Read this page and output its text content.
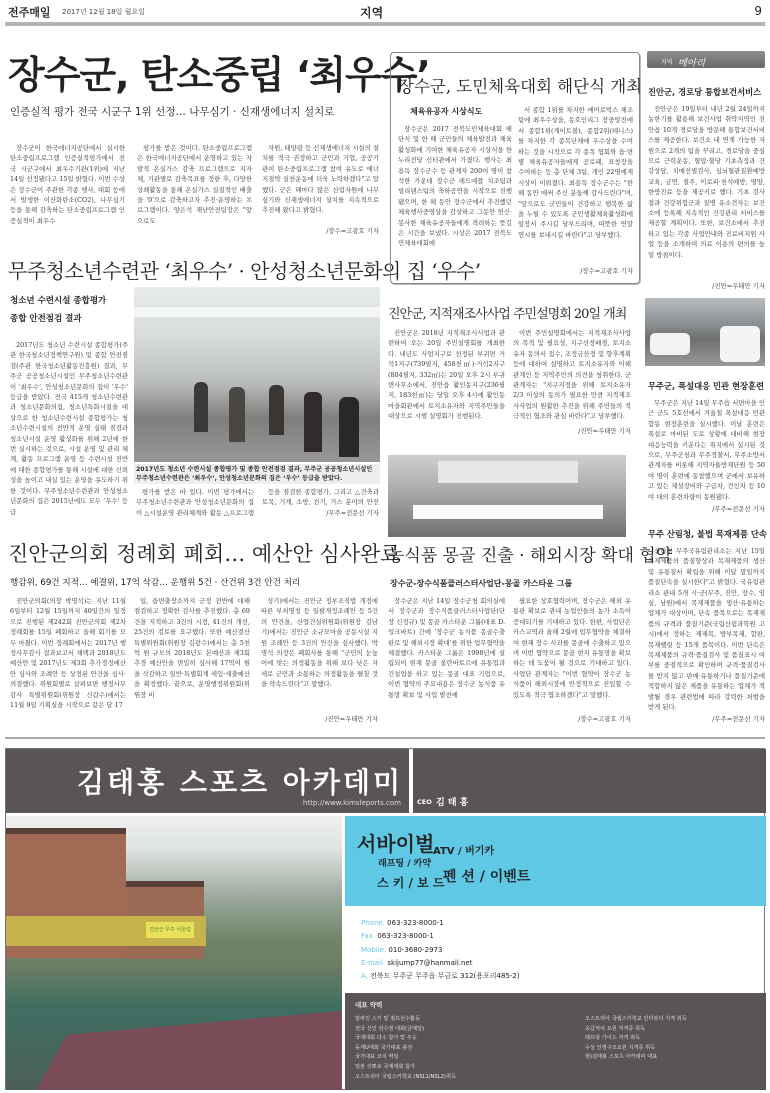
전주매일 2017년 12월 18일 월요일	지역	9
장수군, 탄소중립 ‘최우수’
인증실적 평가 전국 시군구 1위 선정… 나무심기 · 신재생에너지 설치로

장수군이 한국에너지공단에서 실시한 탄소중립프로그램 인증실적평가에서 전국 시군구에서 최우수기관(1위)에 지난 14일 선정됐다고 15일 밝혔다. 이번 수상은 장수군이 주관한 각종 행사, 대회 등에서 발생한 이산화탄소(CO2), 나무심기 등을 통해 감축하는 탄소중립프로그램 인증실적이 최우수

평가를 받은 것이다. 탄소중립프로그램은 한국에너지공단에서 운영하고 있는 자발적 온실가스 감축 프로그램으로 지자체, 기관별로 감축목표를 정한 후, 다양한 상쇄활동을 통해 온실가스 실질적인 배출을 '0'으로 감축하고자 추진·운영하는 프로그램이다. 양은석 재난안전팀장은 "앞으로도

자원, 태양광 등 신재생에너지 시설의 설치를 적극 권장하고 군민과 기업, 공공기관이 탄소중립프로그램 참여 유도로 에너지절약 실천운동에 더욱 노력하겠다"고 말했다. 군은 해마다 많은 산림자원에 나무심기와 신재생에너지 설치를 지속적으로 추진해 왔다고 밝혔다.

/장수=고광호 기자
무주청소년수련관 ‘최우수’ · 안성청소년문화의 집 ‘우수’
청소년 수련시설 종합평가
종합 안전점검 결과

2017년도 청소년 수련시설 종합평가(주관 한국청소년정책연구원) 및 종합 안전점검(주관 한국청소년활동진흥원) 결과, 무주군 공공청소년시설인 무주청소년수련관이 ‘최우수’, 안성청소년문화의 집이 ‘우수’ 등급을 받았다. 전국 415개 청소년수련관과 청소년문화의집, 청소년특화시설을 대상으로 한 청소년수련시설 종합평가는 청소년수련시설의 전반적 운영 실태 점검과 청소년시설 운영 활성화를 위해 2년에 한 번 실시하는 것으로, 시설 운영 및 관리 체계, 활동 프로그램 운영 등 수련시설 전반에 대한 종합평가를 통해 시설에 대한 신뢰성을 높이고 내실 있는 운영을 유도하기 위한 것이다. 무주청소년수련관과 안성청소년문화의 집은 2015년에도 모두 ‘우수’ 등급

2017년도 청소년 수련시설 종합평가 및 종합 안전점검 결과, 무주군 공공청소년시설인 무주청소년수련관은 ‘최우수’, 안성청소년문화의 집은 ‘우수’ 등급을 받았다.

평가를 받은 바 있다. 이번 평가에서는 무주청소년수련관과 안성청소년문화의 집이 △시설운영 관리체계와 활동 △프로그램

등을 점검한 종합평가, 그리고 △건축과 토목, 기계, 소방, 전기, 가스 분야의 안전

/무주=전문선 기자
장수군, 도민체육대회 해단식 개최
체육유공자 시상식도

장수군은 2017 전북도민체육대회 해단식 및 한 해 군민들의 체육발전과 체육활성화에 기여한 체육유공자 시상식을 한누리전당 신터관에서 가졌다. 행사는 최용득 장수군수 등 관계자 200여 명이 참석한 가운데 장수군 레드애플 치조팀과 빌리댄스팀의 축하공연을 시작으로 진행됐으며, 한 해 동안 장수군에서 추진했던 체육행사중영상을 감상하고 그동안 헌신·봉사한 체육유공자들에게 격려하는 뜻깊은 시간을 보냈다. 시상은 2017 전북도민체육대회에

서 종합 1위를 차지한 에어로빅스 체조팀에 최우수상을, 동호인리그 장중앙전에서 종합1위(게이트볼), 종합2위(테니스)를 차지한 각 종목단체에 우수상을 수여하는 것을 시작으로 각 종목 협회와 읍·면별 체육유공자들에게 공로패, 표창장을 수여하는 등 총 단체 3팀, 개인 22명에게 시상이 이뤄졌다. 최용득 장수군수는 "한 해 동안 애써 주신 분들께 감사드린다"며, "앞으로도 군민들이 건강하고 행복한 삶을 누릴 수 있도록 군민생활체육활성화에 앞장서 주시길 당부드리며, 따뜻한 연말연시를 보내시길 바란다"고 당부했다.

/장수=고광호 기자
지역 메아리
진안군, 경로당 통합보건서비스

진안군은 19일부터 내년 2월 24일까지 농한기를 활용해 보건사업 취약지역인 진안읍 10개 경로당을 방문해 통합보건서비스를 제공한다. 보건소 내 연계 가능한 자원으로 2개의 팀을 꾸리고, 경로당을 중심으로 근력운동, 혈압·혈당 기초측정과 건강상담, 치매선별검사, 심뇌혈관질환예방교육, 금연, 절주, 이로피·천식예방, 영양, 한방진료 등을 제공키로 했다. 기초 검사 결과 건강위험군과 질병 유소견자는 보건소에 등록해 지속적인 건강관리 서비스를 제공할 계획이다. 또한, 보건소에서 추진하고 있는 각종 사업안내와 진료비지원 사업 등을 소개하여 의료 이용의 편의를 높일 방침이다.

/진안=우태만 기자
진안군, 지적재조사사업 주민설명회 20일 개최

진안군은 2018년 지적재조사사업과 관련하여 오는 20일 주민설명회를 개최한다. 내년도 사업지구로 선정된 부귀면 거석1지구(739필지, 458천㎡)·거석2지구(804필지, 332㎡)는 20일 오후 2시 부귀면사무소에서, 진안읍 활인동지구(236필지, 183천㎡)는 당일 오후 4시에 활인동 마을회관에서 토지소유자와 지역주민들을 대상으로 시행 설명회가 진행된다.

이번 주민설명회에서는 지적재조사사업의 목적 및 필요성, 지구선정배경, 토지소유자 동의서 접수, 조정금산정 및 향후계획 등에 대하여 설명하고 토지소유자와 이해관계인 등 지역주민의 의견을 청취한다. 군 관계자는 "지구지정을 위해 토지소유자 2/3 이상의 동의가 필요한 만큼 지적재조사사업의 원활한 추진을 위해 주민들의 적극적인 협조와 관심 바란다"고 당부했다.

/진안=우태만 기자
무주군, 폭설대응 민관 현장훈련

무주군은 지난 14일 무주읍 서면마을 인근 군도 5호선에서 겨울철 폭설대응 민관합동 현장훈련을 실시했다. 이날 훈련은 폭설로 마비된 도로 상황에 대비해 현장 대응능력을 키운다는 취지에서 실시된 것으로, 무주군청과 무주경찰서, 무주소방서 관계자를 비롯해 지역자율방재단원 등 50여 명이 훈련에 동참했으며 군에서 보유하고 있는 제설장비와 구급차, 견인차 등 10여 대의 훈련차량이 동원됐다.

/무주=전문선 기자
무주 산림청, 불법 목재제품 단속

산림청 무주국유림관리소는 지난 15일 목재제품의 품질향상과 목재제품의 생산 및 유통질서 확립을 위해 이달 말일까지 품질단속을 실시한다"고 밝혔다. 국유림관리소 관내 5개 시·군(무주, 진안, 장수, 임실, 남원)에서 목재제품을 생산·유통하는 업체가 대상이며, 단속 품목으로는 목재제품의 규격과 품질기준(국립산림과학원 고시)에서 정하는 제재목, 방부목재, 합판, 목재펠릿 등 15개 품목이다. 이번 단속은 목재제품의 규격·품질검사 및 품질표시 여부를 중점적으로 확인하며 규격·품질검사를 받지 않고 판매·유통하거나 품질기준에 적합하지 않은 제품을 유통하는 업체가 적발될 경우 관련법에 따라 강력한 처벌을 받게 된다.

/무주=전문선 기자
진안군의회 정례회 폐회… 예산안 심사완료
행감위, 69건 지적… 예결위, 17억 삭감… 운행위 5건 · 산건위 3건 안건 처리

진안군의회(의장 박명석)는 지난 11월 6일부터 12월 15일까지 40일간의 일정으로 진행된 제242회 진안군의회 제2차 정례회를 15일 폐회하고 올해 회기를 모두 마쳤다. 이번 정례회에서는 2017년 행정사무감사 결과보고서 채택과 2018년도 예산안 및 2017년도 제3회 추가경정예산안 심사와 조례안 등 상정된 안건을 심사·의결했다. 위원회별로 살펴보면 행정사무감사 특별위원회(위원장 신갑수)에서는 11월 9일 기획실을 시작으로 같은 달 17

일, 읍면출장소까지 군정 전반에 대해 점검하고 정확한 감사를 추진했다. 총 69건을 지적하고 3건의 시정, 41건의 개선, 25건의 검토를 요구했다. 또한 예산결산특별위원회(위원장 김광수)에서는 총 5천억 원 규모의 2018년도 본예산과 제3회 추경 예산안을 면밀히 심사해 17억여 원을 삭감하고 일반·특별회계 세입·세출예산을 확정했다. 끝으로, 운영행정위원회(위원장 비

성기)에서는 진안군 정부조직법 개정에 따른 부처명칭 등 일괄개정조례안 등 5건의 안건을, 산업건설위원회(위원장 김남기)에서는 진안군 소규모마을 공동시설 지원 조례안 등 3건의 안건을 심사했다. 박명석 의장은 폐회사를 통해 "군민의 눈높이에 맞는 의정활동을 위해 보다 낮은 자세로 군민과 소통하는 의정활동을 펼칠 것을 약속드린다"고 말했다.

/진안=우태만 기자
농식품 몽골 진출 · 해외시장 확대 협약
장수군-장수식품클러스터사업단-몽골 카스타운 그룹

장수군은 지난 14일 장수군청 회의실에서 장수군과 장수식품클러스터사업단(단장 신정규) 및 몽골 카스타운 그룹(대표 D.잉크바트) 간에 '장수군 농식품 몽골수출 판로 및 해외시장 확대'를 위한 업무협약을 체결했다. 카스타운 그룹은 1998년에 설립되어 현재 몽골 울란바토르에 유통업과 건설업을 하고 있는 몽골 대표 기업으로, 이번 협약의 주요내용은 장수군 농식품 유통망 확보 및 사업 발전에

필요한 상호협력이며, 장수군은 해외 유통판 확보로 관내 농업인들의 농가 소득이 증대되기를 기대하고 있다. 한편, 사업단은 카스교역과 올해 2월에 업무협약을 체결하여 현재 장수 사과를 몽골에 수출하고 있으며 이번 협약으로 몽골 현지 유통망을 확보하는 데 도움이 될 것으로 기대하고 있다. 사업단 관계자는 "이번 협약이 장수군 농식품이 해외시장에 안정적으로 진입할 수 있도록 적극 협조하겠다"고 말했다.

/장수=고광호 기자
김태홍 스포츠 아카데미
http://www.kimsleports.com CEO 김 태 홍
진안군 무주 어울림
서바이벌
ATV / 버기카
래프팅 / 카약
스 키 / 보 드
펜 션 / 이벤트
Phone. 063-323-8000-1
Fax. 063-323-8000-1
Mobile. 010-3680-2973
E-mail. skijump77@hanmail.net
A. 전북도 무주군 무주읍 무금로 312(용포리485-2)
대표 약력
알파인 스키 및 점프선수활동
전국 신인 선수권 대회(금메달)
국제대회 다수 참가 및 우승
동계U대회 국가대표 출전
국가대표 코치 역임
일본 삿뽀로 국제대회 참가
오스트리아 국립스키학교 (NSL1/NSL2)취득
오스트리아 국립스키학교 인터뷰디 지격 취득
응급처치 요원 자격증 취득
래프팅 가이드 자격 취득
수상 인명구조요원 지격증 취득
현)김태홍 스포츠 아카데미 대표
